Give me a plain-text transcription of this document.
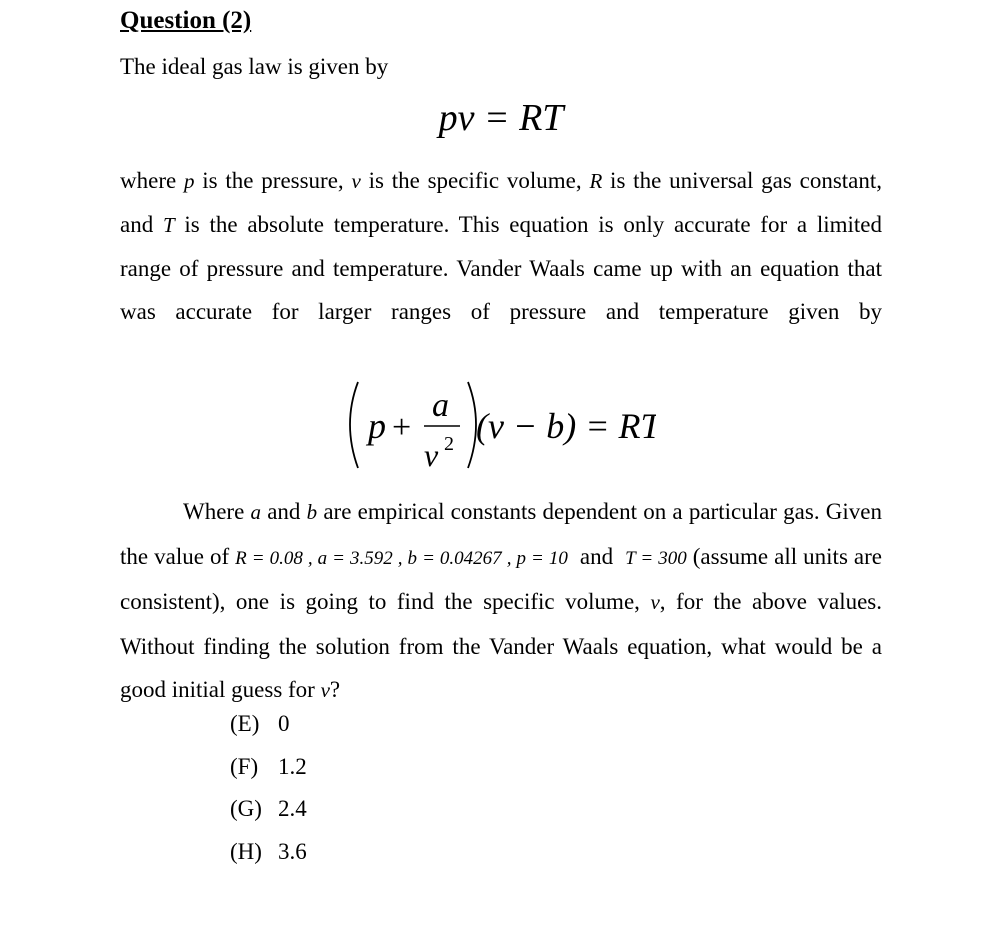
Question (2)
The ideal gas law is given by
pv = RT
where p is the pressure, v is the specific volume, R is the universal gas constant, and T is the absolute temperature. This equation is only accurate for a limited range of pressure and temperature. Vander Waals came up with an equation that was accurate for larger ranges of pressure and temperature given by
p +
a
v 2 (v − b) = RT
Where a and b are empirical constants dependent on a particular gas. Given the value of R = 0.08 , a = 3.592 , b = 0.04267 , p = 10 and T = 300 (assume all units are consistent), one is going to find the specific volume, v, for the above values. Without finding the solution from the Vander Waals equation, what would be a good initial guess for v?
(E) 0
(F) 1.2
(G) 2.4
(H) 3.6
